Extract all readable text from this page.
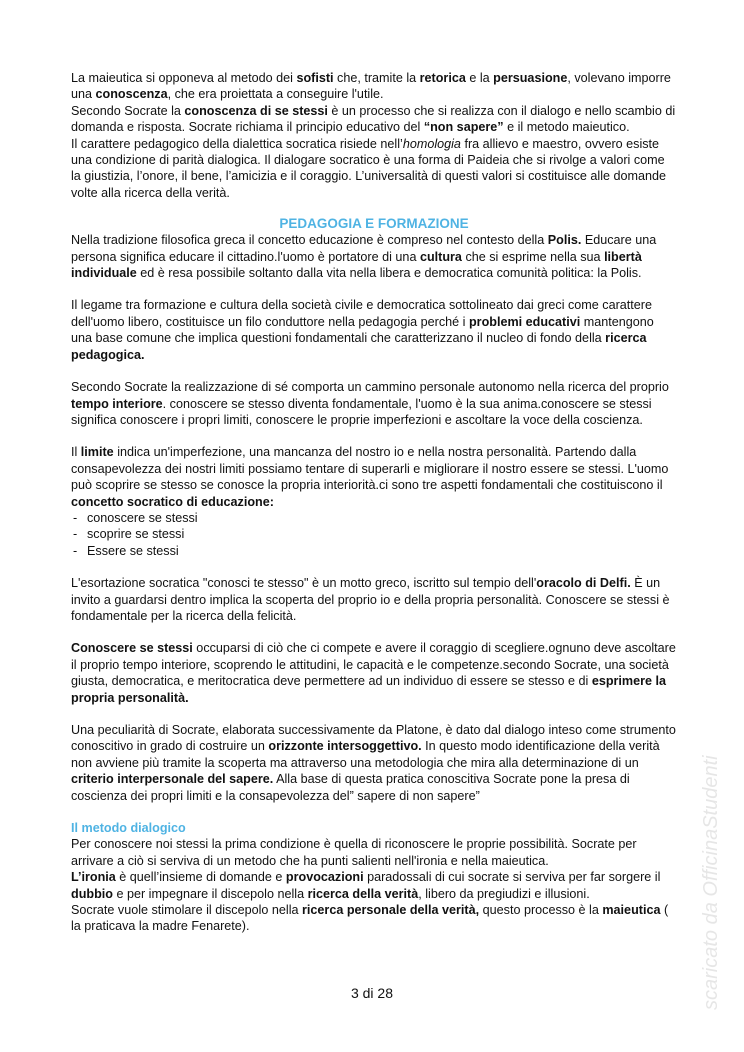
La maieutica si opponeva al metodo dei sofisti che, tramite la retorica e la persuasione, volevano imporre una conoscenza, che era proiettata a conseguire l'utile.

Secondo Socrate la conoscenza di se stessi è un processo che si realizza con il dialogo e nello scambio di domanda e risposta. Socrate richiama il principio educativo del “non sapere” e il metodo maieutico.

Il carattere pedagogico della dialettica socratica risiede nell’homologia fra allievo e maestro, ovvero esiste una condizione di parità dialogica. Il dialogare socratico è una forma di Paideia che si rivolge a valori come la giustizia, l’onore, il bene, l’amicizia e il coraggio. L’universalità di questi valori si costituisce alle domande volte alla ricerca della verità.

PEDAGOGIA E FORMAZIONE

Nella tradizione filosofica greca il concetto educazione è compreso nel contesto della Polis. Educare una persona significa educare il cittadino.l'uomo è portatore di una cultura che si esprime nella sua libertà individuale ed è resa possibile soltanto dalla vita nella libera e democratica comunità politica: la Polis.

Il legame tra formazione e cultura della società civile e democratica sottolineato dai greci come carattere dell'uomo libero, costituisce un filo conduttore nella pedagogia perché i problemi educativi mantengono una base comune che implica questioni fondamentali che caratterizzano il nucleo di fondo della ricerca pedagogica.

Secondo Socrate la realizzazione di sé comporta un cammino personale autonomo nella ricerca del proprio tempo interiore. conoscere se stesso diventa fondamentale, l'uomo è la sua anima.conoscere se stessi significa conoscere i propri limiti, conoscere le proprie imperfezioni e ascoltare la voce della coscienza.

Il limite indica un'imperfezione, una mancanza del nostro io e nella nostra personalità. Partendo dalla consapevolezza dei nostri limiti possiamo tentare di superarli e migliorare il nostro essere se stessi. L'uomo può scoprire se stesso se conosce la propria interiorità.ci sono tre aspetti fondamentali che costituiscono il concetto socratico di educazione:

- conoscere se stessi
- scoprire se stessi
- Essere se stessi

L'esortazione socratica "conosci te stesso" è un motto greco, iscritto sul tempio dell'oracolo di Delfi. È un invito a guardarsi dentro implica la scoperta del proprio io e della propria personalità. Conoscere se stessi è fondamentale per la ricerca della felicità.

Conoscere se stessi occuparsi di ciò che ci compete e avere il coraggio di scegliere.ognuno deve ascoltare il proprio tempo interiore, scoprendo le attitudini, le capacità e le competenze.secondo Socrate, una società giusta, democratica, e meritocratica deve permettere ad un individuo di essere se stesso e di esprimere la propria personalità.

Una peculiarità di Socrate, elaborata successivamente da Platone, è dato dal dialogo inteso come strumento conoscitivo in grado di costruire un orizzonte intersoggettivo. In questo modo identificazione della verità non avviene più tramite la scoperta ma attraverso una metodologia che mira alla determinazione di un criterio interpersonale del sapere. Alla base di questa pratica conoscitiva Socrate pone la presa di coscienza dei propri limiti e la consapevolezza del” sapere di non sapere”

Il metodo dialogico

Per conoscere noi stessi la prima condizione è quella di riconoscere le proprie possibilità. Socrate per arrivare a ciò si serviva di un metodo che ha punti salienti nell'ironia e nella maieutica.

L’ironia è quell’insieme di domande e provocazioni paradossali di cui socrate si serviva per far sorgere il dubbio e per impegnare il discepolo nella ricerca della verità, libero da pregiudizi e illusioni.

Socrate vuole stimolare il discepolo nella ricerca personale della verità, questo processo è la maieutica ( la praticava la madre Fenarete).

3 di 28	scaricato da OfficinaStudenti
